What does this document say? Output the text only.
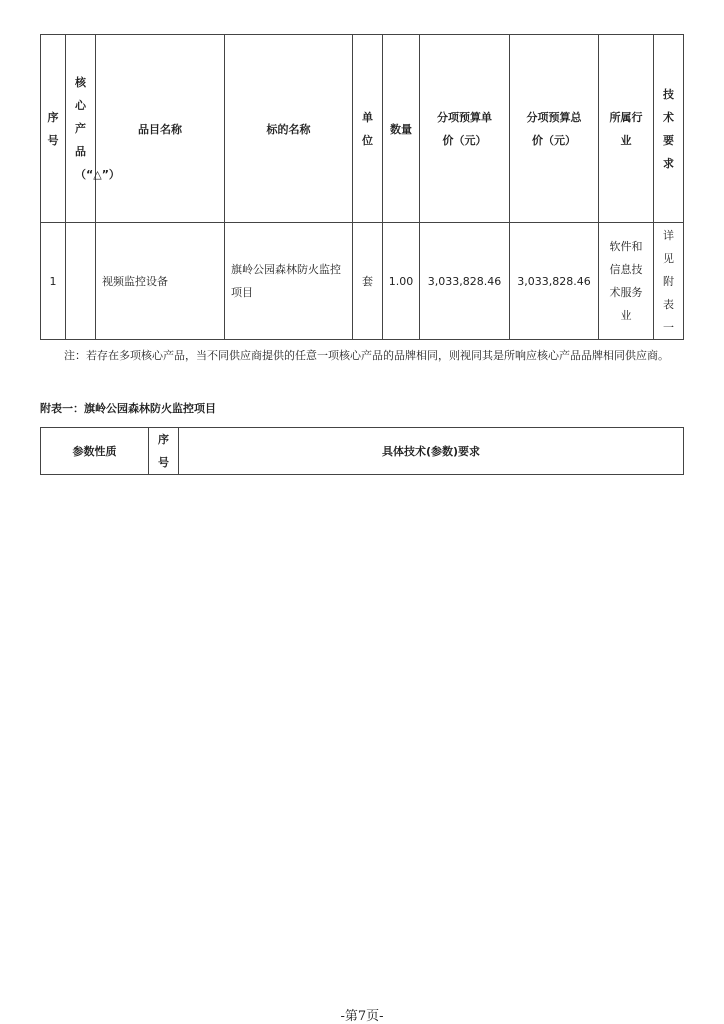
序号	核心产品（“△”）	品目名称	标的名称	单位	数量	分项预算单价（元）	分项预算总价（元）	所属行业	技术要求
1		视频监控设备	旗岭公园森林防火监控项目	套	1.00	3,033,828.46	3,033,828.46	软件和信息技术服务业	详见附表一
注：若存在多项核心产品，当不同供应商提供的任意一项核心产品的品牌相同，则视同其是所响应核心产品品牌相同供应商。
附表一：旗岭公园森林防火监控项目
参数性质	序号	具体技术(参数)要求
-第7页-
